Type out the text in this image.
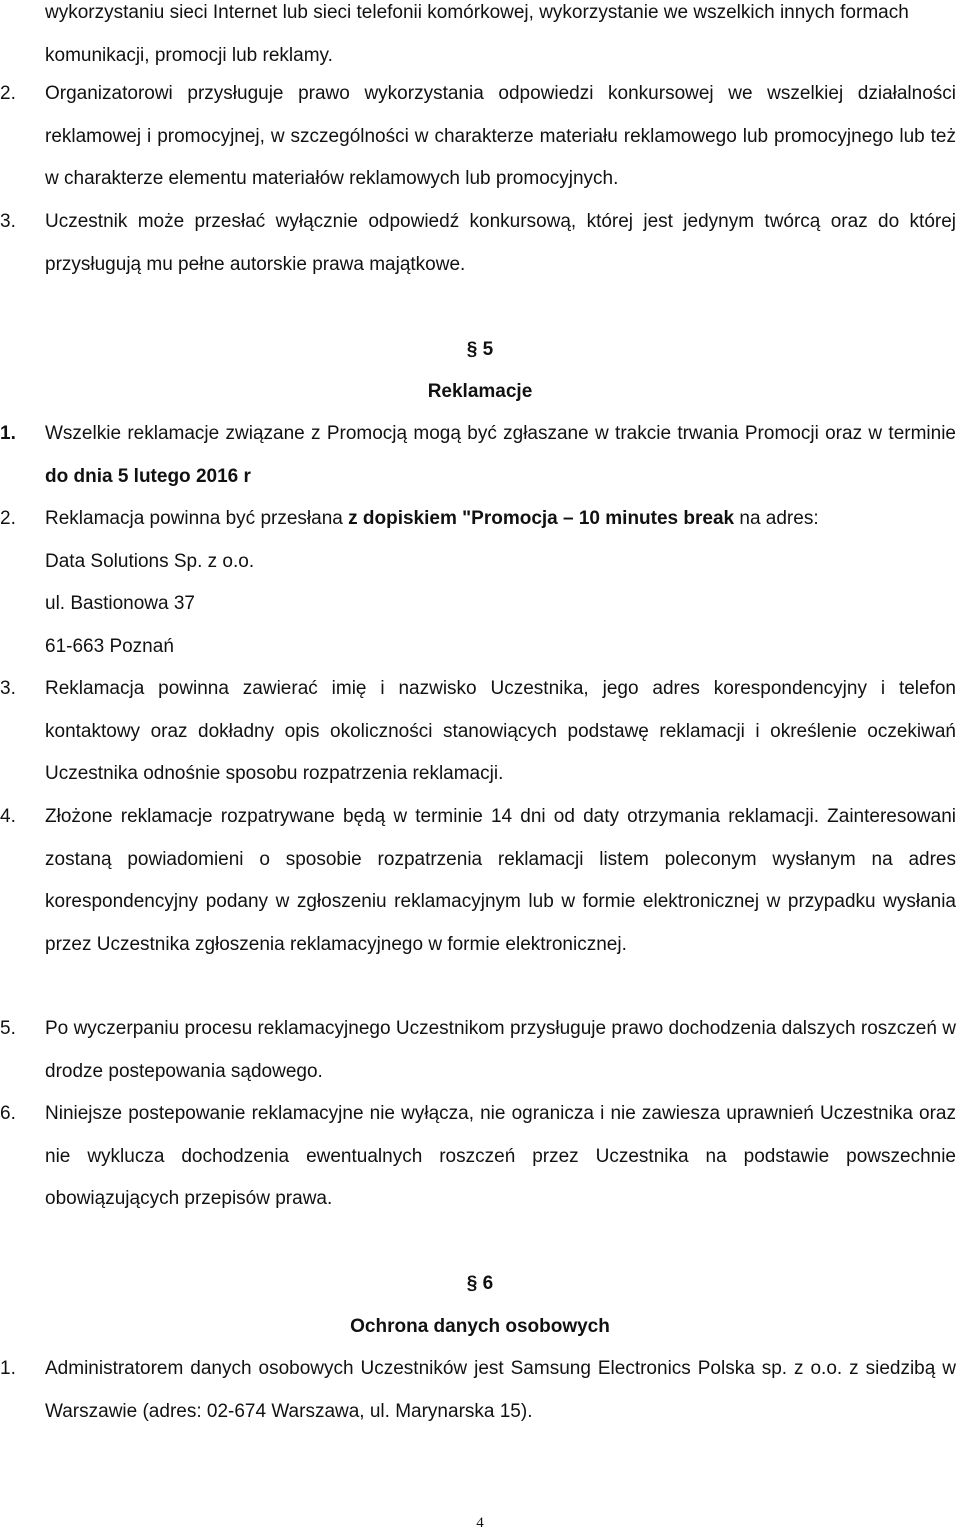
wykorzystaniu sieci Internet lub sieci telefonii komórkowej, wykorzystanie we wszelkich innych formach komunikacji, promocji lub reklamy.
2. Organizatorowi przysługuje prawo wykorzystania odpowiedzi konkursowej we wszelkiej działalności reklamowej i promocyjnej, w szczególności w charakterze materiału reklamowego lub promocyjnego lub też w charakterze elementu materiałów reklamowych lub promocyjnych.
3. Uczestnik może przesłać wyłącznie odpowiedź konkursową, której jest jedynym twórcą oraz do której przysługują mu pełne autorskie prawa majątkowe.
§ 5
Reklamacje
1. Wszelkie reklamacje związane z Promocją mogą być zgłaszane w trakcie trwania Promocji oraz w terminie do dnia 5 lutego 2016 r
2. Reklamacja powinna być przesłana z dopiskiem "Promocja – 10 minutes break na adres:
Data Solutions Sp. z o.o.
ul. Bastionowa 37
61-663 Poznań
3. Reklamacja powinna zawierać imię i nazwisko Uczestnika, jego adres korespondencyjny i telefon kontaktowy oraz dokładny opis okoliczności stanowiących podstawę reklamacji i określenie oczekiwań Uczestnika odnośnie sposobu rozpatrzenia reklamacji.
4. Złożone reklamacje rozpatrywane będą w terminie 14 dni od daty otrzymania reklamacji. Zainteresowani zostaną powiadomieni o sposobie rozpatrzenia reklamacji listem poleconym wysłanym na adres korespondencyjny podany w zgłoszeniu reklamacyjnym lub w formie elektronicznej w przypadku wysłania przez Uczestnika zgłoszenia reklamacyjnego w formie elektronicznej.
5. Po wyczerpaniu procesu reklamacyjnego Uczestnikom przysługuje prawo dochodzenia dalszych roszczeń w drodze postepowania sądowego.
6. Niniejsze postepowanie reklamacyjne nie wyłącza, nie ogranicza i nie zawiesza uprawnień Uczestnika oraz nie wyklucza dochodzenia ewentualnych roszczeń przez Uczestnika na podstawie powszechnie obowiązujących przepisów prawa.
§ 6
Ochrona danych osobowych
1. Administratorem danych osobowych Uczestników jest Samsung Electronics Polska sp. z o.o. z siedzibą w Warszawie (adres: 02-674 Warszawa, ul. Marynarska 15).
4
